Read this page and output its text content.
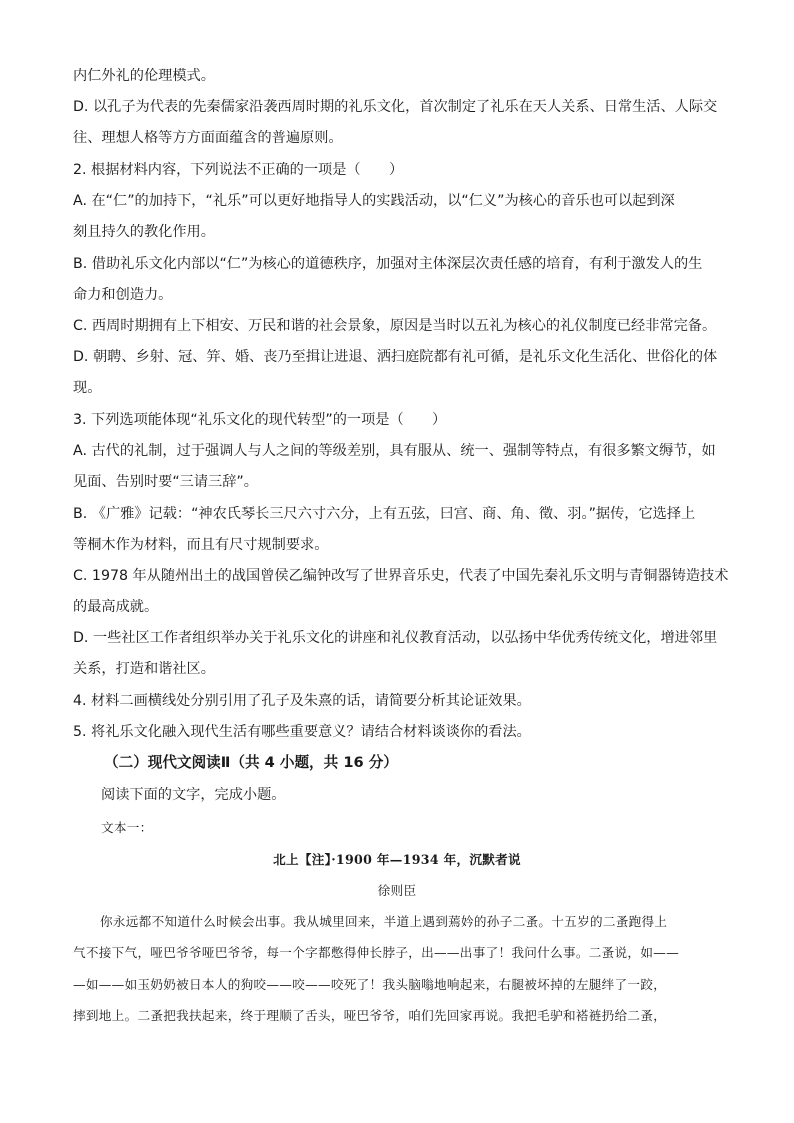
内仁外礼的伦理模式。
D. 以孔子为代表的先秦儒家沿袭西周时期的礼乐文化，首次制定了礼乐在天人关系、日常生活、人际交
往、理想人格等方方面面蕴含的普遍原则。
2. 根据材料内容，下列说法不正确的一项是（　　）
A. 在“仁”的加持下，“礼乐”可以更好地指导人的实践活动，以“仁义”为核心的音乐也可以起到深
刻且持久的教化作用。
B. 借助礼乐文化内部以“仁”为核心的道德秩序，加强对主体深层次责任感的培育，有利于激发人的生
命力和创造力。
C. 西周时期拥有上下相安、万民和谐的社会景象，原因是当时以五礼为核心的礼仪制度已经非常完备。
D. 朝聘、乡射、冠、笄、婚、丧乃至揖让进退、洒扫庭院都有礼可循，是礼乐文化生活化、世俗化的体
现。
3. 下列选项能体现“礼乐文化的现代转型”的一项是（　　）
A. 古代的礼制，过于强调人与人之间的等级差别，具有服从、统一、强制等特点，有很多繁文缛节，如
见面、告别时要“三请三辞”。
B. 《广雅》记载：“神农氏琴长三尺六寸六分，上有五弦，曰宫、商、角、徵、羽。”据传，它选择上
等桐木作为材料，而且有尺寸规制要求。
C. 1978 年从随州出土的战国曾侯乙编钟改写了世界音乐史，代表了中国先秦礼乐文明与青铜器铸造技术
的最高成就。
D. 一些社区工作者组织举办关于礼乐文化的讲座和礼仪教育活动，以弘扬中华优秀传统文化，增进邻里
关系，打造和谐社区。
4. 材料二画横线处分别引用了孔子及朱熹的话，请简要分析其论证效果。
5. 将礼乐文化融入现代生活有哪些重要意义？请结合材料谈谈你的看法。
（二）现代文阅读Ⅱ（共 4 小题，共 16 分）
阅读下面的文字，完成小题。
文本一：
北上【注】·1900 年—1934 年，沉默者说
徐则臣
你永远都不知道什么时候会出事。我从城里回来，半道上遇到蔫妗的孙子二蚤。十五岁的二蚤跑得上
气不接下气，哑巴爷爷哑巴爷爷，每一个字都憋得伸长脖子，出——出事了！我问什么事。二蚤说，如——
—如——如玉奶奶被日本人的狗咬——咬——咬死了！我头脑嗡地响起来，右腿被坏掉的左腿绊了一跤，
摔到地上。二蚤把我扶起来，终于理顺了舌头，哑巴爷爷，咱们先回家再说。我把毛驴和褡裢扔给二蚤，
